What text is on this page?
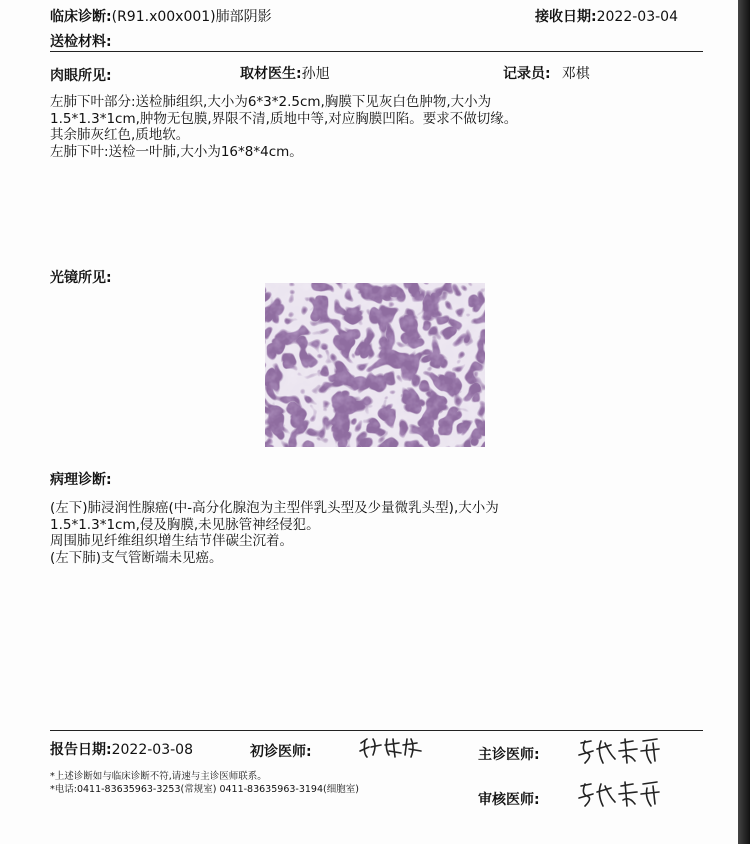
临床诊断:(R91.x00x001)肺部阴影	接收日期:2022-03-04
送检材料:
肉眼所见:	取材医生:孙旭	记录员: 邓棋
左肺下叶部分:送检肺组织,大小为6*3*2.5cm,胸膜下见灰白色肿物,大小为
1.5*1.3*1cm,肿物无包膜,界限不清,质地中等,对应胸膜凹陷。要求不做切缘。
其余肺灰红色,质地软。
左肺下叶:送检一叶肺,大小为16*8*4cm。
光镜所见:
病理诊断:
(左下)肺浸润性腺癌(中-高分化腺泡为主型伴乳头型及少量微乳头型),大小为
1.5*1.3*1cm,侵及胸膜,未见脉管神经侵犯。
周围肺见纤维组织增生结节伴碳尘沉着。
(左下肺)支气管断端未见癌。
报告日期:2022-03-08	初诊医师:	主诊医师:
*上述诊断如与临床诊断不符,请速与主诊医师联系。
*电话:0411-83635963-3253(常规室) 0411-83635963-3194(细胞室)
审核医师:
